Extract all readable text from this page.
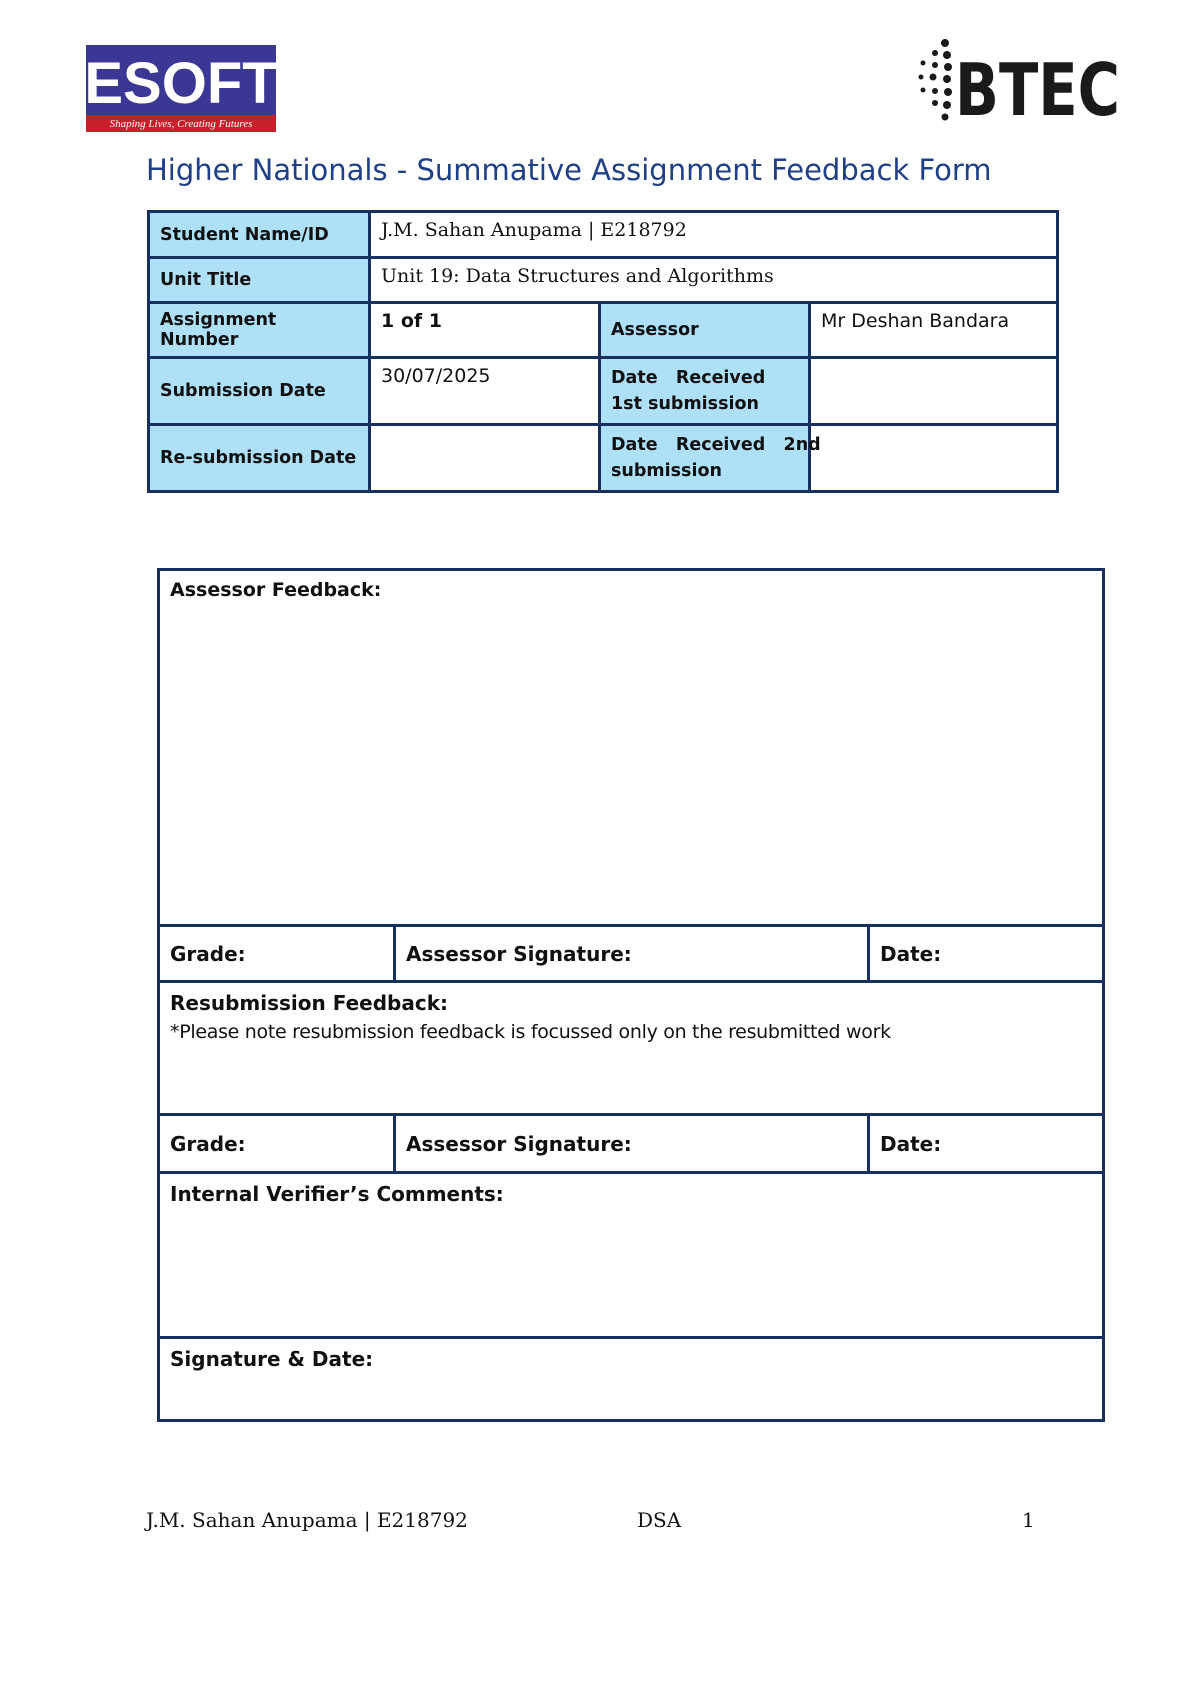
ESOFT
Shaping Lives, Creating Futures	BTEC
Higher Nationals - Summative Assignment Feedback Form
Student Name/ID	J.M. Sahan Anupama | E218792		
Unit Title	Unit 19: Data Structures and Algorithms		
Assignment Number	1 of 1	Assessor	Mr Deshan Bandara
Submission Date	30/07/2025	Date   Received
1st submission	

Re-submission Date		Date   Received   2nd
submission	

Assessor Feedback:		

Grade:	Assessor Signature:	Date:

Resubmission Feedback:
*Please note resubmission feedback is focussed only on the resubmitted work		

Grade:	Assessor Signature:	Date:

Internal Verifier’s Comments:		

Signature & Date:		
J.M. Sahan Anupama | E218792	DSA	1
